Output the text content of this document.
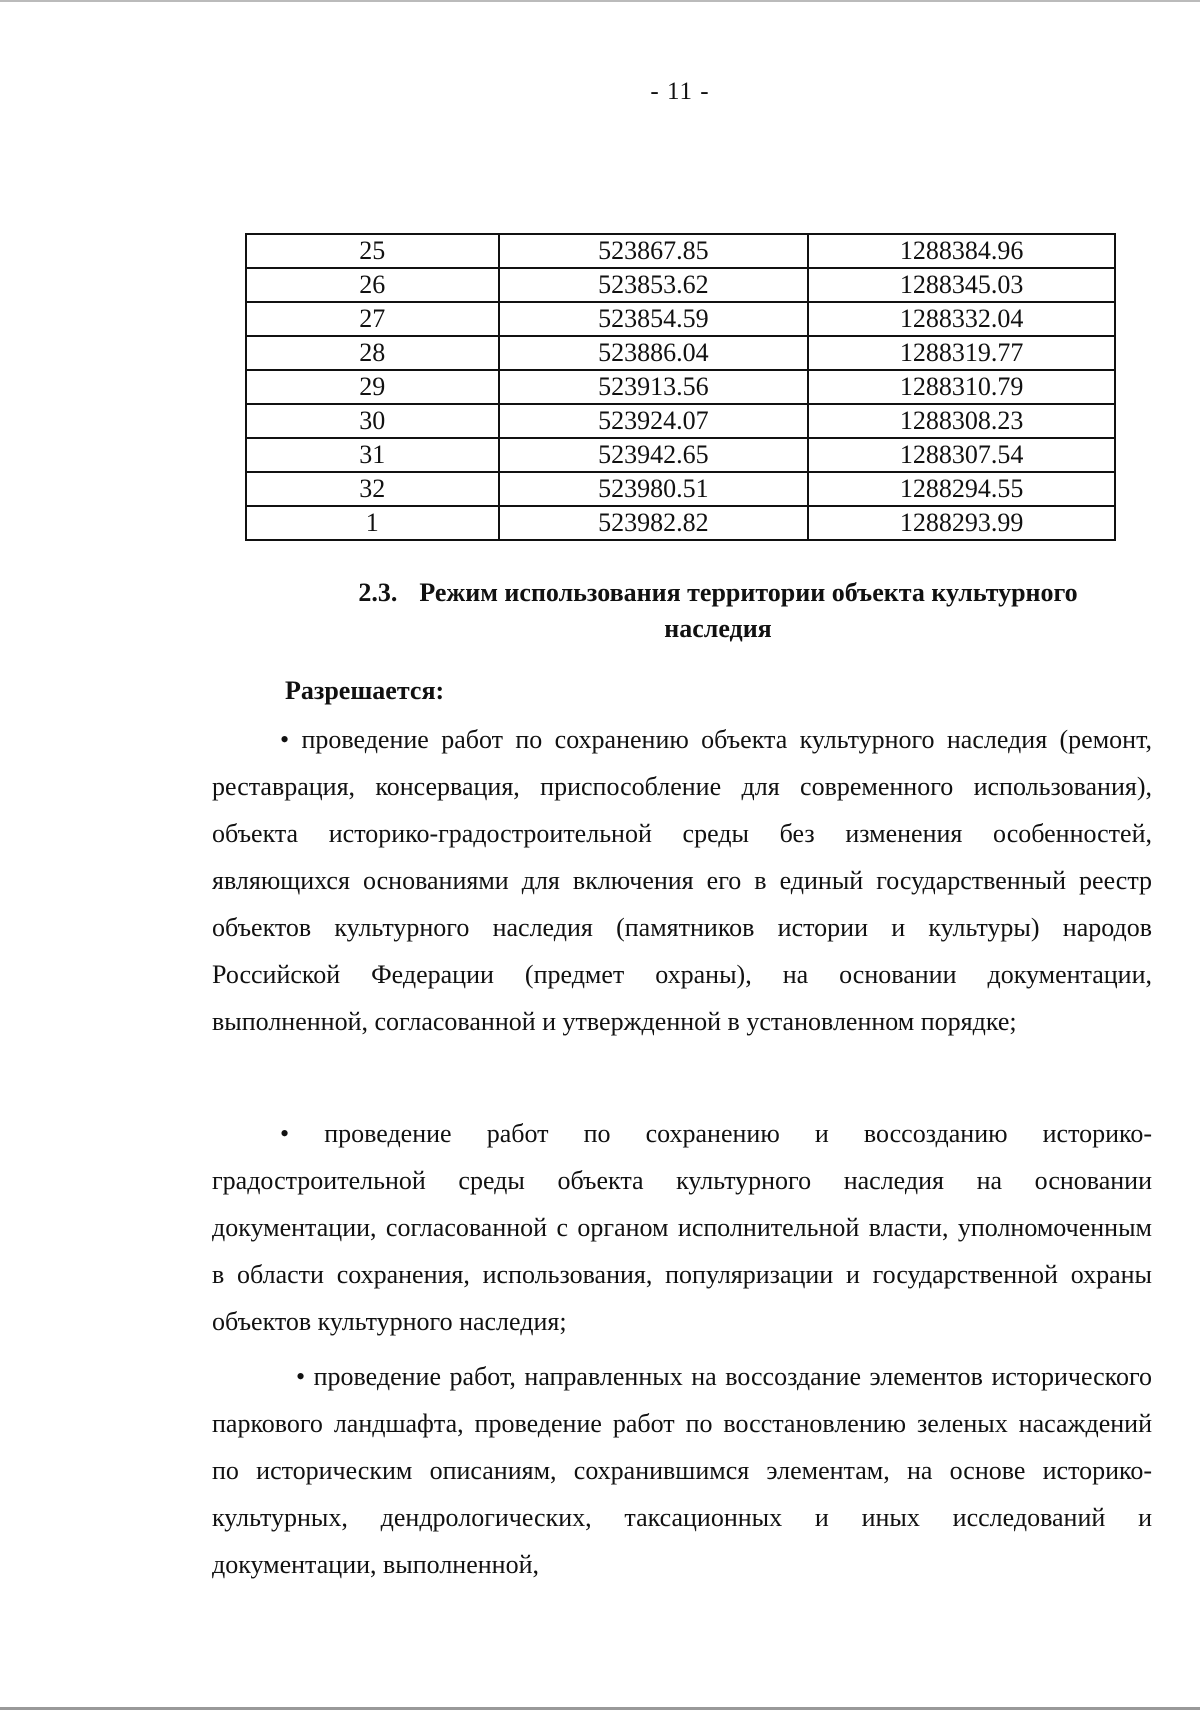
- 11 -
25	523867.85	1288384.96
26	523853.62	1288345.03
27	523854.59	1288332.04
28	523886.04	1288319.77
29	523913.56	1288310.79
30	523924.07	1288308.23
31	523942.65	1288307.54
32	523980.51	1288294.55
1	523982.82	1288293.99
2.3. Режим использования территории объекта культурного
наследия
Разрешается:

• проведение работ по сохранению объекта культурного наследия (ремонт, реставрация, консервация, приспособление для современного использования), объекта историко-градостроительной среды без изменения особенностей, являющихся основаниями для включения его в единый государственный реестр объектов культурного наследия (памятников истории и культуры) народов Российской Федерации (предмет охраны), на основании документации, выполненной, согласованной и утвержденной в установленном порядке;

• проведение работ по сохранению и воссозданию историко-градостроительной среды объекта культурного наследия на основании документации, согласованной с органом исполнительной власти, уполномоченным в области сохранения, использования, популяризации и государственной охраны объектов культурного наследия;

• проведение работ, направленных на воссоздание элементов исторического паркового ландшафта, проведение работ по восстановлению зеленых насаждений по историческим описаниям, сохранившимся элементам, на основе историко-культурных, дендрологических, таксационных и иных исследований и документации, выполненной,
